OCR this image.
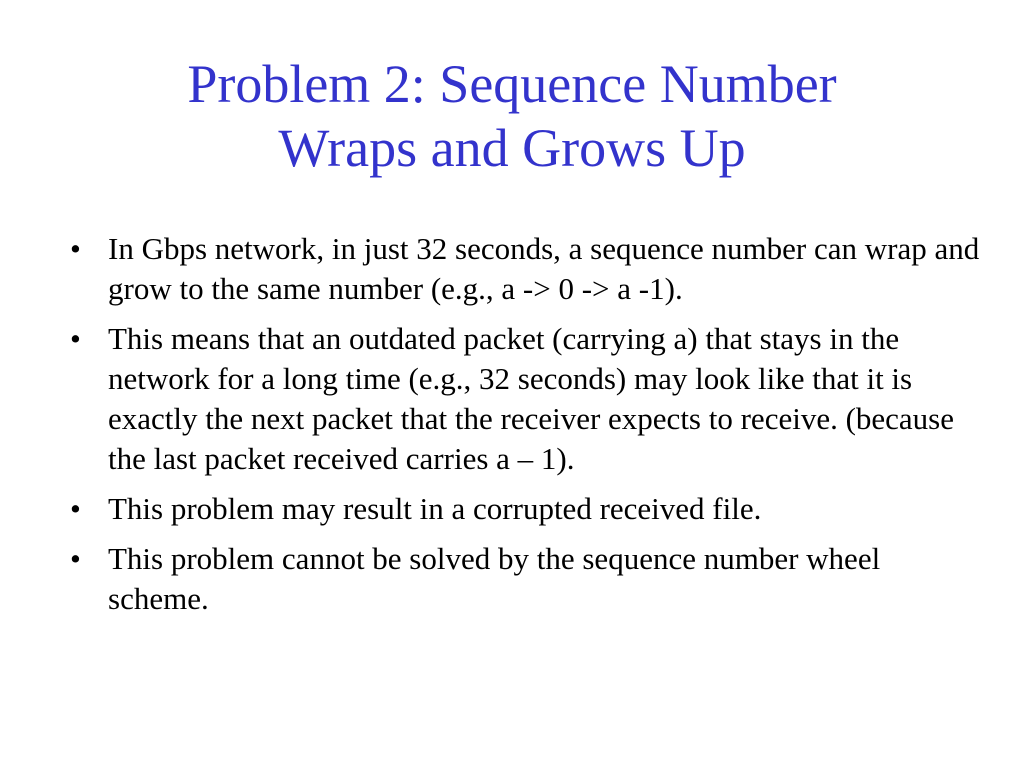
Problem 2: Sequence Number
Wraps and Grows Up
• In Gbps network, in just 32 seconds, a sequence number can wrap and grow to the same number (e.g., a -> 0 -> a -1).
• This means that an outdated packet (carrying a) that stays in the network for a long time (e.g., 32 seconds) may look like that it is exactly the next packet that the receiver expects to receive. (because the last packet received carries a – 1).
• This problem may result in a corrupted received file.
• This problem cannot be solved by the sequence number wheel scheme.
